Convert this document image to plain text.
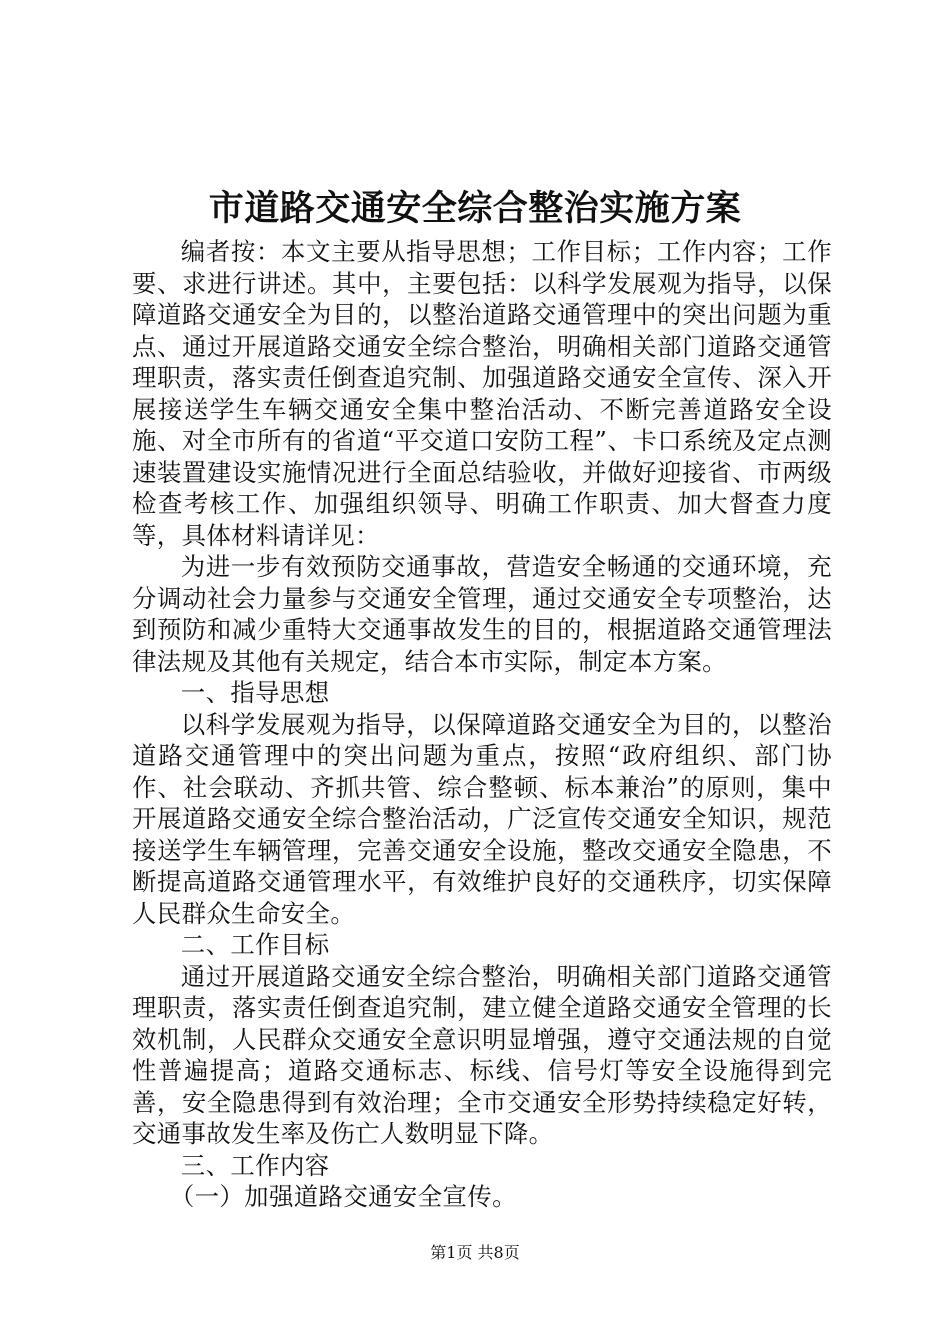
市道路交通安全综合整治实施方案

编者按：本文主要从指导思想；工作目标；工作内容；工作要、求进行讲述。其中，主要包括：以科学发展观为指导，以保障道路交通安全为目的，以整治道路交通管理中的突出问题为重点、通过开展道路交通安全综合整治，明确相关部门道路交通管理职责，落实责任倒查追究制、加强道路交通安全宣传、深入开展接送学生车辆交通安全集中整治活动、不断完善道路安全设施、对全市所有的省道“平交道口安防工程”、卡口系统及定点测速装置建设实施情况进行全面总结验收，并做好迎接省、市两级检查考核工作、加强组织领导、明确工作职责、加大督查力度等，具体材料请详见：

为进一步有效预防交通事故，营造安全畅通的交通环境，充分调动社会力量参与交通安全管理，通过交通安全专项整治，达到预防和减少重特大交通事故发生的目的，根据道路交通管理法律法规及其他有关规定，结合本市实际，制定本方案。

一、指导思想

以科学发展观为指导，以保障道路交通安全为目的，以整治道路交通管理中的突出问题为重点，按照“政府组织、部门协作、社会联动、齐抓共管、综合整顿、标本兼治”的原则，集中开展道路交通安全综合整治活动，广泛宣传交通安全知识，规范接送学生车辆管理，完善交通安全设施，整改交通安全隐患，不断提高道路交通管理水平，有效维护良好的交通秩序，切实保障人民群众生命安全。

二、工作目标

通过开展道路交通安全综合整治，明确相关部门道路交通管理职责，落实责任倒查追究制，建立健全道路交通安全管理的长效机制，人民群众交通安全意识明显增强，遵守交通法规的自觉性普遍提高；道路交通标志、标线、信号灯等安全设施得到完善，安全隐患得到有效治理；全市交通安全形势持续稳定好转，交通事故发生率及伤亡人数明显下降。

三、工作内容

（一）加强道路交通安全宣传。

第1页 共8页
